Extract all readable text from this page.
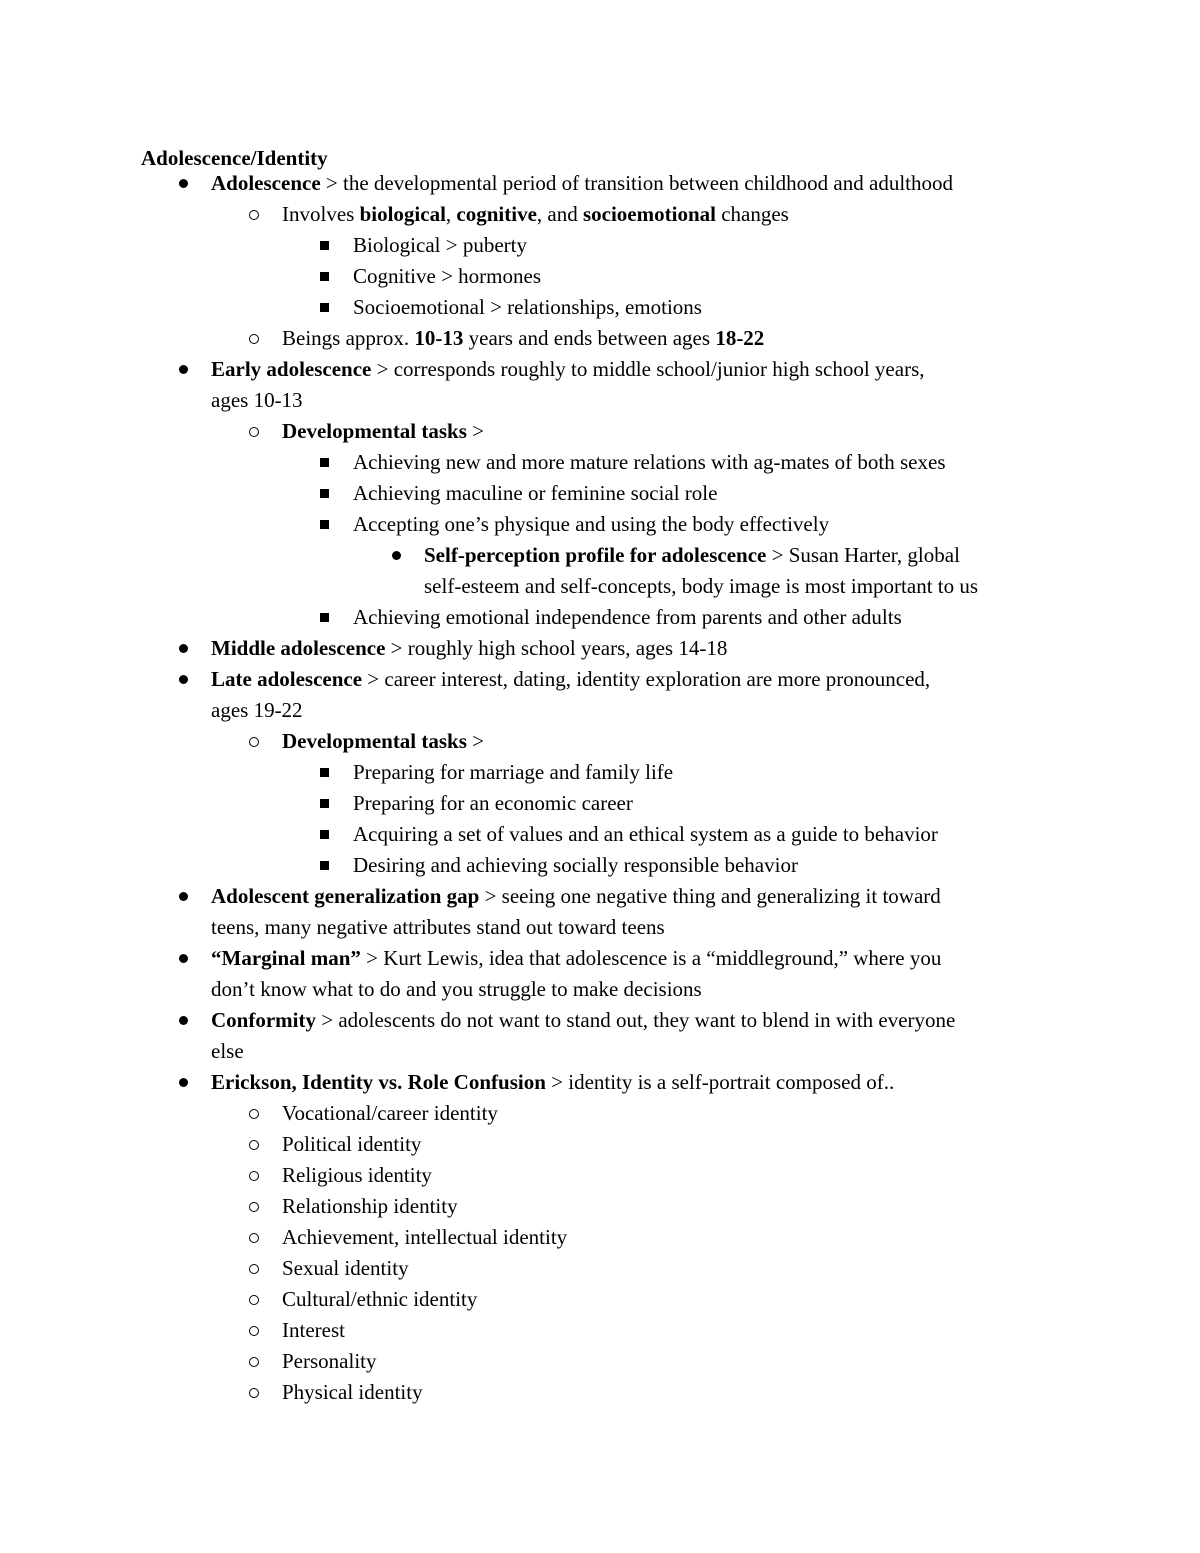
Adolescence/Identity
Adolescence > the developmental period of transition between childhood and adulthood
Involves biological, cognitive, and socioemotional changes
Biological > puberty
Cognitive > hormones
Socioemotional > relationships, emotions
Beings approx. 10-13 years and ends between ages 18-22
Early adolescence > corresponds roughly to middle school/junior high school years,
ages 10-13
Developmental tasks >
Achieving new and more mature relations with ag-mates of both sexes
Achieving maculine or feminine social role
Accepting one’s physique and using the body effectively
Self-perception profile for adolescence > Susan Harter, global
self-esteem and self-concepts, body image is most important to us
Achieving emotional independence from parents and other adults
Middle adolescence > roughly high school years, ages 14-18
Late adolescence > career interest, dating, identity exploration are more pronounced,
ages 19-22
Developmental tasks >
Preparing for marriage and family life
Preparing for an economic career
Acquiring a set of values and an ethical system as a guide to behavior
Desiring and achieving socially responsible behavior
Adolescent generalization gap > seeing one negative thing and generalizing it toward
teens, many negative attributes stand out toward teens
“Marginal man” > Kurt Lewis, idea that adolescence is a “middleground,” where you
don’t know what to do and you struggle to make decisions
Conformity > adolescents do not want to stand out, they want to blend in with everyone
else
Erickson, Identity vs. Role Confusion > identity is a self-portrait composed of..
Vocational/career identity
Political identity
Religious identity
Relationship identity
Achievement, intellectual identity
Sexual identity
Cultural/ethnic identity
Interest
Personality
Physical identity
